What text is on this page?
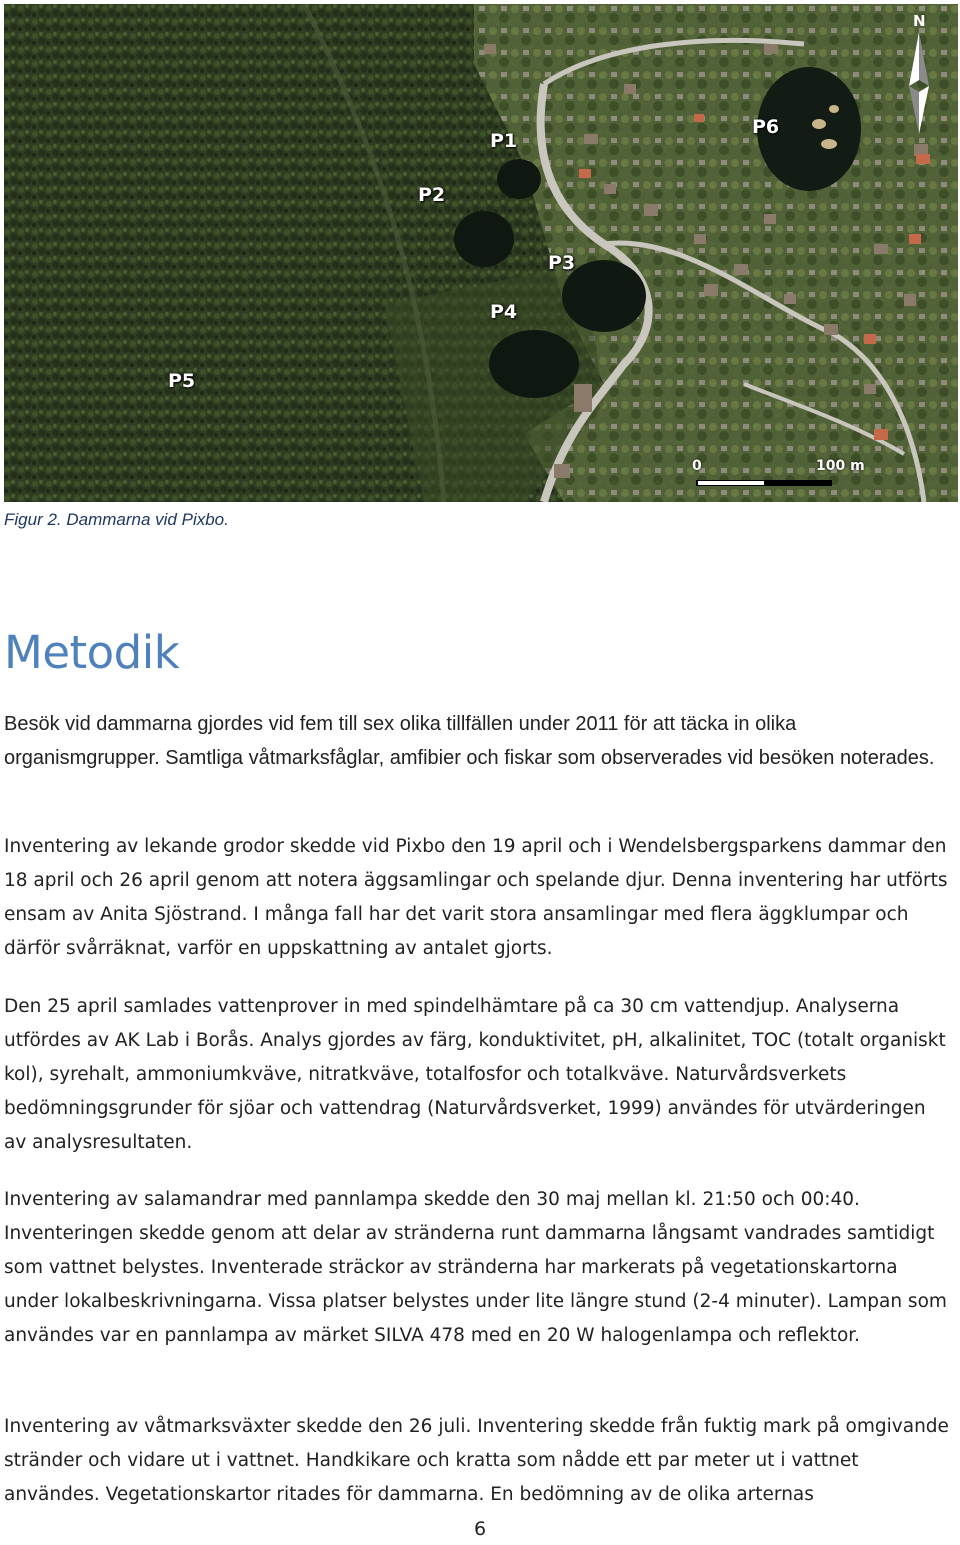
P1
P2
P3
P4
P5
P6
N
0	100 m
Figur 2. Dammarna vid Pixbo.
Metodik

Besök vid dammarna gjordes vid fem till sex olika tillfällen under 2011 för att täcka in olika organismgrupper. Samtliga våtmarksfåglar, amfibier och fiskar som observerades vid besöken noterades.

Inventering av lekande grodor skedde vid Pixbo den 19 april och i Wendelsbergsparkens dammar den 18 april och 26 april genom att notera äggsamlingar och spelande djur. Denna inventering har utförts ensam av Anita Sjöstrand. I många fall har det varit stora ansamlingar med flera äggklumpar och därför svårräknat, varför en uppskattning av antalet gjorts.

Den 25 april samlades vattenprover in med spindelhämtare på ca 30 cm vattendjup. Analyserna utfördes av AK Lab i Borås. Analys gjordes av färg, konduktivitet, pH, alkalinitet, TOC (totalt organiskt kol), syrehalt, ammoniumkväve, nitratkväve, totalfosfor och totalkväve. Naturvårdsverkets bedömningsgrunder för sjöar och vattendrag (Naturvårdsverket, 1999) användes för utvärderingen av analysresultaten.

Inventering av salamandrar med pannlampa skedde den 30 maj mellan kl. 21:50 och 00:40. Inventeringen skedde genom att delar av stränderna runt dammarna långsamt vandrades samtidigt som vattnet belystes. Inventerade sträckor av stränderna har markerats på vegetationskartorna under lokalbeskrivningarna. Vissa platser belystes under lite längre stund (2-4 minuter). Lampan som användes var en pannlampa av märket SILVA 478 med en 20 W halogenlampa och reflektor.

Inventering av våtmarksväxter skedde den 26 juli. Inventering skedde från fuktig mark på omgivande stränder och vidare ut i vattnet. Handkikare och kratta som nådde ett par meter ut i vattnet användes. Vegetationskartor ritades för dammarna. En bedömning av de olika arternas

6
